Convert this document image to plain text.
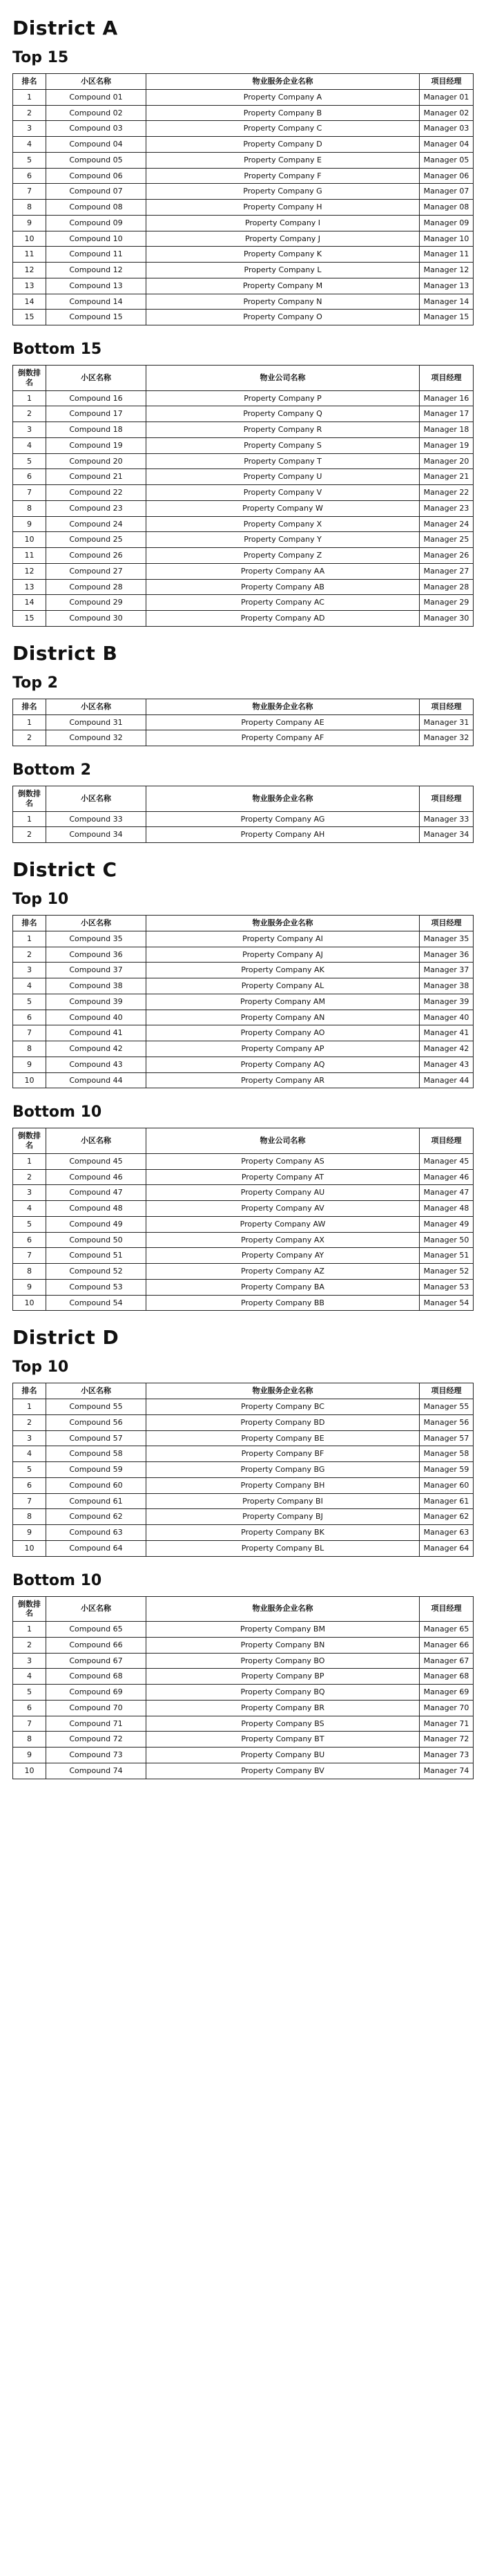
District A
Top 15
排名	小区名称	物业服务企业名称	项目经理
1	Compound 01	Property Company A	Manager 01
2	Compound 02	Property Company B	Manager 02
3	Compound 03	Property Company C	Manager 03
4	Compound 04	Property Company D	Manager 04
5	Compound 05	Property Company E	Manager 05
6	Compound 06	Property Company F	Manager 06
7	Compound 07	Property Company G	Manager 07
8	Compound 08	Property Company H	Manager 08
9	Compound 09	Property Company I	Manager 09
10	Compound 10	Property Company J	Manager 10
11	Compound 11	Property Company K	Manager 11
12	Compound 12	Property Company L	Manager 12
13	Compound 13	Property Company M	Manager 13
14	Compound 14	Property Company N	Manager 14
15	Compound 15	Property Company O	Manager 15
Bottom 15
倒数排名	小区名称	物业公司名称	项目经理
1	Compound 16	Property Company P	Manager 16
2	Compound 17	Property Company Q	Manager 17
3	Compound 18	Property Company R	Manager 18
4	Compound 19	Property Company S	Manager 19
5	Compound 20	Property Company T	Manager 20
6	Compound 21	Property Company U	Manager 21
7	Compound 22	Property Company V	Manager 22
8	Compound 23	Property Company W	Manager 23
9	Compound 24	Property Company X	Manager 24
10	Compound 25	Property Company Y	Manager 25
11	Compound 26	Property Company Z	Manager 26
12	Compound 27	Property Company AA	Manager 27
13	Compound 28	Property Company AB	Manager 28
14	Compound 29	Property Company AC	Manager 29
15	Compound 30	Property Company AD	Manager 30
District B
Top 2
排名	小区名称	物业服务企业名称	项目经理
1	Compound 31	Property Company AE	Manager 31
2	Compound 32	Property Company AF	Manager 32
Bottom 2
倒数排名	小区名称	物业服务企业名称	项目经理
1	Compound 33	Property Company AG	Manager 33
2	Compound 34	Property Company AH	Manager 34
District C
Top 10
排名	小区名称	物业服务企业名称	项目经理
1	Compound 35	Property Company AI	Manager 35
2	Compound 36	Property Company AJ	Manager 36
3	Compound 37	Property Company AK	Manager 37
4	Compound 38	Property Company AL	Manager 38
5	Compound 39	Property Company AM	Manager 39
6	Compound 40	Property Company AN	Manager 40
7	Compound 41	Property Company AO	Manager 41
8	Compound 42	Property Company AP	Manager 42
9	Compound 43	Property Company AQ	Manager 43
10	Compound 44	Property Company AR	Manager 44
Bottom 10
倒数排名	小区名称	物业公司名称	项目经理
1	Compound 45	Property Company AS	Manager 45
2	Compound 46	Property Company AT	Manager 46
3	Compound 47	Property Company AU	Manager 47
4	Compound 48	Property Company AV	Manager 48
5	Compound 49	Property Company AW	Manager 49
6	Compound 50	Property Company AX	Manager 50
7	Compound 51	Property Company AY	Manager 51
8	Compound 52	Property Company AZ	Manager 52
9	Compound 53	Property Company BA	Manager 53
10	Compound 54	Property Company BB	Manager 54
District D
Top 10
排名	小区名称	物业服务企业名称	项目经理
1	Compound 55	Property Company BC	Manager 55
2	Compound 56	Property Company BD	Manager 56
3	Compound 57	Property Company BE	Manager 57
4	Compound 58	Property Company BF	Manager 58
5	Compound 59	Property Company BG	Manager 59
6	Compound 60	Property Company BH	Manager 60
7	Compound 61	Property Company BI	Manager 61
8	Compound 62	Property Company BJ	Manager 62
9	Compound 63	Property Company BK	Manager 63
10	Compound 64	Property Company BL	Manager 64
Bottom 10
倒数排名	小区名称	物业服务企业名称	项目经理
1	Compound 65	Property Company BM	Manager 65
2	Compound 66	Property Company BN	Manager 66
3	Compound 67	Property Company BO	Manager 67
4	Compound 68	Property Company BP	Manager 68
5	Compound 69	Property Company BQ	Manager 69
6	Compound 70	Property Company BR	Manager 70
7	Compound 71	Property Company BS	Manager 71
8	Compound 72	Property Company BT	Manager 72
9	Compound 73	Property Company BU	Manager 73
10	Compound 74	Property Company BV	Manager 74
